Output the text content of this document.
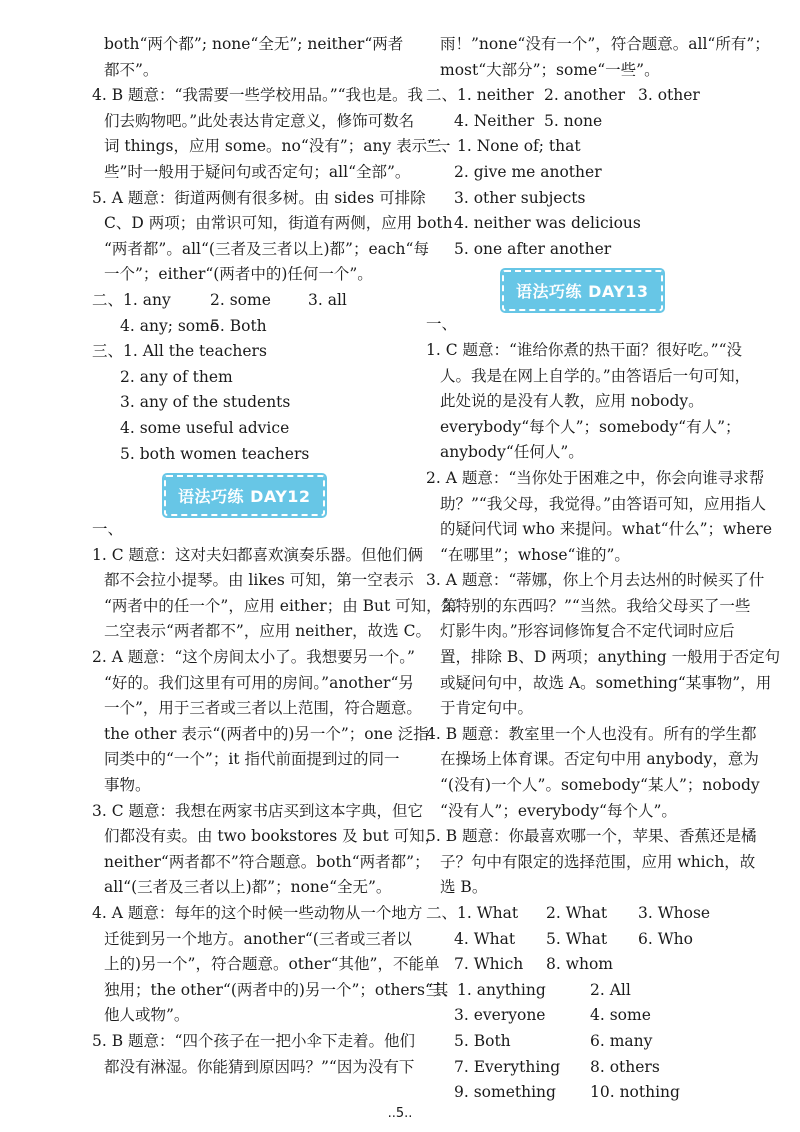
both“两个都”; none“全无”; neither“两者
都不”。
4. B 题意：“我需要一些学校用品。”“我也是。我
们去购物吧。”此处表达肯定意义，修饰可数名
词 things，应用 some。no“没有”；any 表示“一
些”时一般用于疑问句或否定句；all“全部”。
5. A 题意：街道两侧有很多树。由 sides 可排除
C、D 两项；由常识可知，街道有两侧，应用 both
“两者都”。all“(三者及三者以上)都”；each“每
一个”；either“(两者中的)任何一个”。
二、1. any	2. some 3. all
4. any; some
5. Both
三、1. All the teachers
2. any of them
3. any of the students
4. some useful advice
5. both women teachers
语法巧练 DAY12
一、
1. C 题意：这对夫妇都喜欢演奏乐器。但他们俩
都不会拉小提琴。由 likes 可知，第一空表示
“两者中的任一个”，应用 either；由 But 可知，第
二空表示“两者都不”，应用 neither，故选 C。
2. A 题意：“这个房间太小了。我想要另一个。”
“好的。我们这里有可用的房间。”another“另
一个”，用于三者或三者以上范围，符合题意。
the other 表示“(两者中的)另一个”；one 泛指
同类中的“一个”；it 指代前面提到过的同一
事物。
3. C 题意：我想在两家书店买到这本字典，但它
们都没有卖。由 two bookstores 及 but 可知，
neither“两者都不”符合题意。both“两者都”；
all“(三者及三者以上)都”；none“全无”。
4. A 题意：每年的这个时候一些动物从一个地方
迁徙到另一个地方。another“(三者或三者以
上的)另一个”，符合题意。other“其他”，不能单
独用；the other“(两者中的)另一个”；others“其
他人或物”。
5. B 题意：“四个孩子在一把小伞下走着。他们
都没有淋湿。你能猜到原因吗？”“因为没有下
雨！”none“没有一个”，符合题意。all“所有”；
most“大部分”；some“一些”。
二、1. neither 2. another 3. other
4. Neither 5. none
三、1. None of; that
2. give me another
3. other subjects
4. neither was delicious
5. one after another
语法巧练 DAY13
一、
1. C 题意：“谁给你煮的热干面？很好吃。”“没
人。我是在网上自学的。”由答语后一句可知，
此处说的是没有人教，应用 nobody。
everybody“每个人”；somebody“有人”；
anybody“任何人”。
2. A 题意：“当你处于困难之中，你会向谁寻求帮
助？”“我父母，我觉得。”由答语可知，应用指人
的疑问代词 who 来提问。what“什么”；where
“在哪里”；whose“谁的”。
3. A 题意：“蒂娜，你上个月去达州的时候买了什
么特别的东西吗？”“当然。我给父母买了一些
灯影牛肉。”形容词修饰复合不定代词时应后
置，排除 B、D 两项；anything 一般用于否定句
或疑问句中，故选 A。something“某事物”，用
于肯定句中。
4. B 题意：教室里一个人也没有。所有的学生都
在操场上体育课。否定句中用 anybody，意为
“(没有)一个人”。somebody“某人”；nobody
“没有人”；everybody“每个人”。
5. B 题意：你最喜欢哪一个，苹果、香蕉还是橘
子？句中有限定的选择范围，应用 which，故
选 B。
二、1. What 2. What 3. Whose
4. What 5. What 6. Who
7. Which 8. whom
三、1. anything	2. All
3. everyone	4. some
5. Both	6. many
7. Everything 8. others
9. something 10. nothing
..5..
